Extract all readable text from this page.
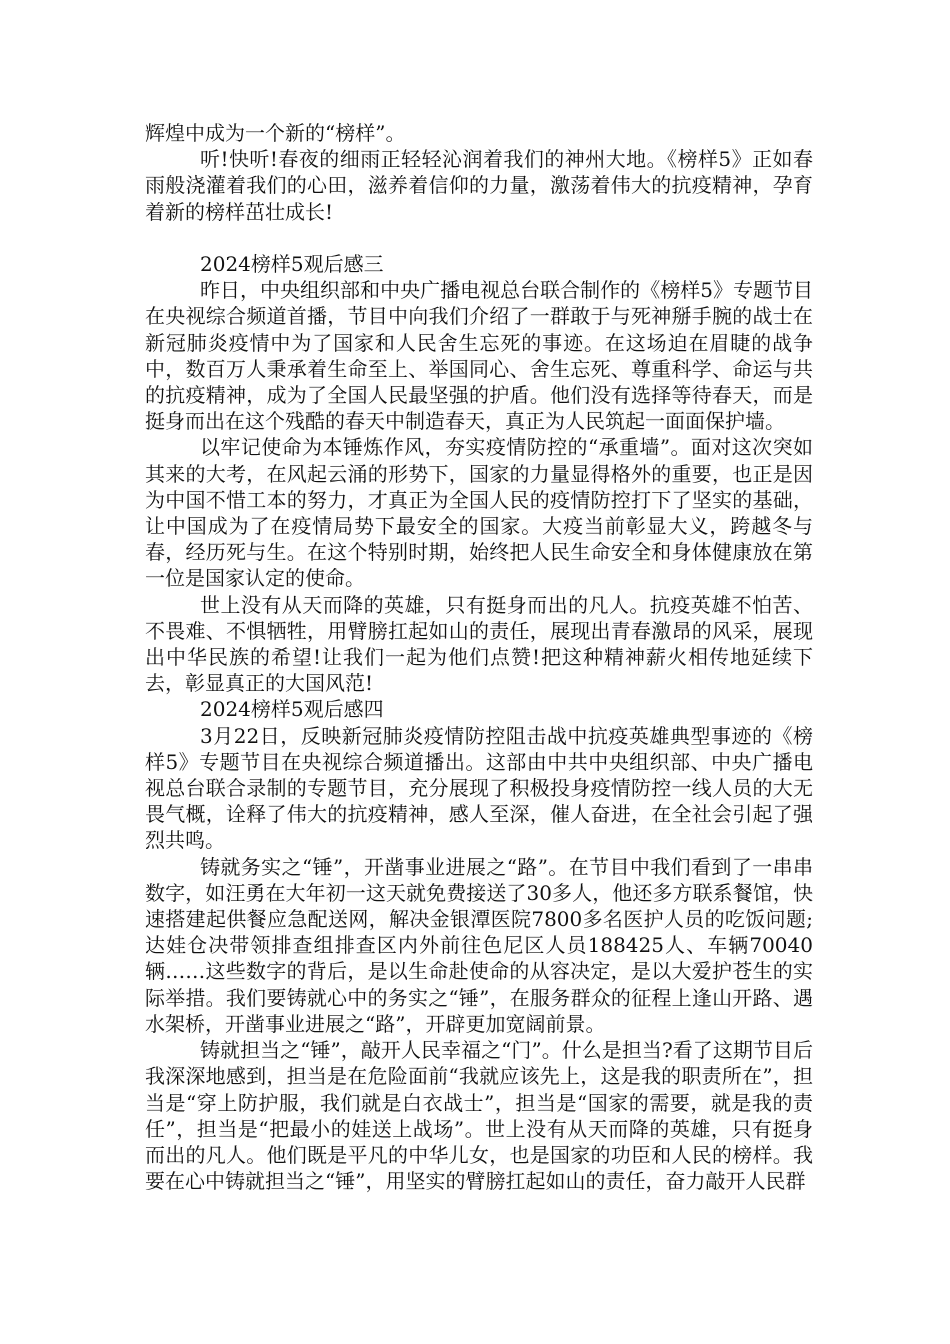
辉煌中成为一个新的“榜样”。

听!快听!春夜的细雨正轻轻沁润着我们的神州大地。《榜样5》正如春雨般浇灌着我们的心田，滋养着信仰的力量，激荡着伟大的抗疫精神，孕育着新的榜样茁壮成长!

2024榜样5观后感三

昨日，中央组织部和中央广播电视总台联合制作的《榜样5》专题节目在央视综合频道首播，节目中向我们介绍了一群敢于与死神掰手腕的战士在新冠肺炎疫情中为了国家和人民舍生忘死的事迹。在这场迫在眉睫的战争中，数百万人秉承着生命至上、举国同心、舍生忘死、尊重科学、命运与共的抗疫精神，成为了全国人民最坚强的护盾。他们没有选择等待春天，而是挺身而出在这个残酷的春天中制造春天，真正为人民筑起一面面保护墙。

以牢记使命为本锤炼作风，夯实疫情防控的“承重墙”。面对这次突如其来的大考，在风起云涌的形势下，国家的力量显得格外的重要，也正是因为中国不惜工本的努力，才真正为全国人民的疫情防控打下了坚实的基础，让中国成为了在疫情局势下最安全的国家。大疫当前彰显大义，跨越冬与春，经历死与生。在这个特别时期，始终把人民生命安全和身体健康放在第一位是国家认定的使命。

世上没有从天而降的英雄，只有挺身而出的凡人。抗疫英雄不怕苦、不畏难、不惧牺牲，用臂膀扛起如山的责任，展现出青春激昂的风采，展现出中华民族的希望!让我们一起为他们点赞!把这种精神薪火相传地延续下去，彰显真正的大国风范!

2024榜样5观后感四

3月22日，反映新冠肺炎疫情防控阻击战中抗疫英雄典型事迹的《榜样5》专题节目在央视综合频道播出。这部由中共中央组织部、中央广播电视总台联合录制的专题节目，充分展现了积极投身疫情防控一线人员的大无畏气概，诠释了伟大的抗疫精神，感人至深，催人奋进，在全社会引起了强烈共鸣。

铸就务实之“锤”，开凿事业进展之“路”。在节目中我们看到了一串串数字，如汪勇在大年初一这天就免费接送了30多人，他还多方联系餐馆，快速搭建起供餐应急配送网，解决金银潭医院7800多名医护人员的吃饭问题;达娃仓决带领排查组排查区内外前往色尼区人员188425人、车辆70040辆……这些数字的背后，是以生命赴使命的从容决定，是以大爱护苍生的实际举措。我们要铸就心中的务实之“锤”，在服务群众的征程上逢山开路、遇水架桥，开凿事业进展之“路”，开辟更加宽阔前景。

铸就担当之“锤”，敲开人民幸福之“门”。什么是担当?看了这期节目后我深深地感到，担当是在危险面前“我就应该先上，这是我的职责所在”，担当是“穿上防护服，我们就是白衣战士”，担当是“国家的需要，就是我的责任”，担当是“把最小的娃送上战场”。世上没有从天而降的英雄，只有挺身而出的凡人。他们既是平凡的中华儿女，也是国家的功臣和人民的榜样。我要在心中铸就担当之“锤”，用坚实的臂膀扛起如山的责任，奋力敲开人民群
